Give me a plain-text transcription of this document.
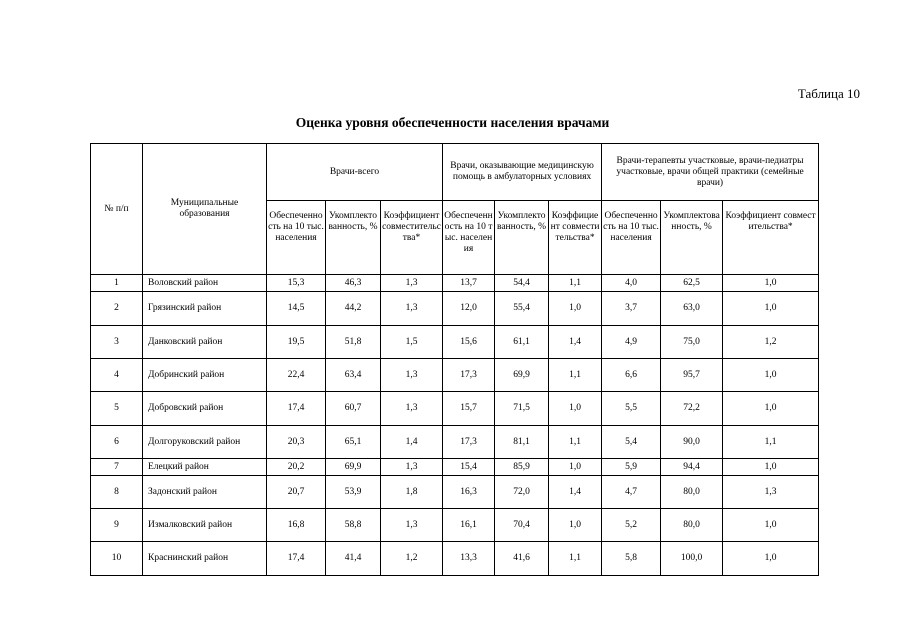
Таблица 10
Оценка уровня обеспеченности населения врачами
№ п/п	Муниципальные образования	Врачи-всего			Врачи, оказывающие медицинскую помощь в амбулаторных условиях			Врачи-терапевты участковые, врачи-педиатры участковые, врачи общей практики (семейные врачи)		

		Обеспеченность на 10 тыс. населения	Укомплектованность, %	Коэффициент совместительства*	Обеспеченность на 10 тыс. населения	Укомплектованность, %	Коэффициент совместительства*	Обеспеченность на 10 тыс. населения	Укомплектованность, %	Коэффициент совместительства*
1	Воловский район	15,3	46,3	1,3	13,7	54,4	1,1	4,0	62,5	1,0
2	Грязинский район	14,5	44,2	1,3	12,0	55,4	1,0	3,7	63,0	1,0
3	Данковский район	19,5	51,8	1,5	15,6	61,1	1,4	4,9	75,0	1,2
4	Добринский район	22,4	63,4	1,3	17,3	69,9	1,1	6,6	95,7	1,0
5	Добровский район	17,4	60,7	1,3	15,7	71,5	1,0	5,5	72,2	1,0
6	Долгоруковский район	20,3	65,1	1,4	17,3	81,1	1,1	5,4	90,0	1,1
7	Елецкий район	20,2	69,9	1,3	15,4	85,9	1,0	5,9	94,4	1,0
8	Задонский район	20,7	53,9	1,8	16,3	72,0	1,4	4,7	80,0	1,3
9	Измалковский район	16,8	58,8	1,3	16,1	70,4	1,0	5,2	80,0	1,0
10	Краснинский район	17,4	41,4	1,2	13,3	41,6	1,1	5,8	100,0	1,0
